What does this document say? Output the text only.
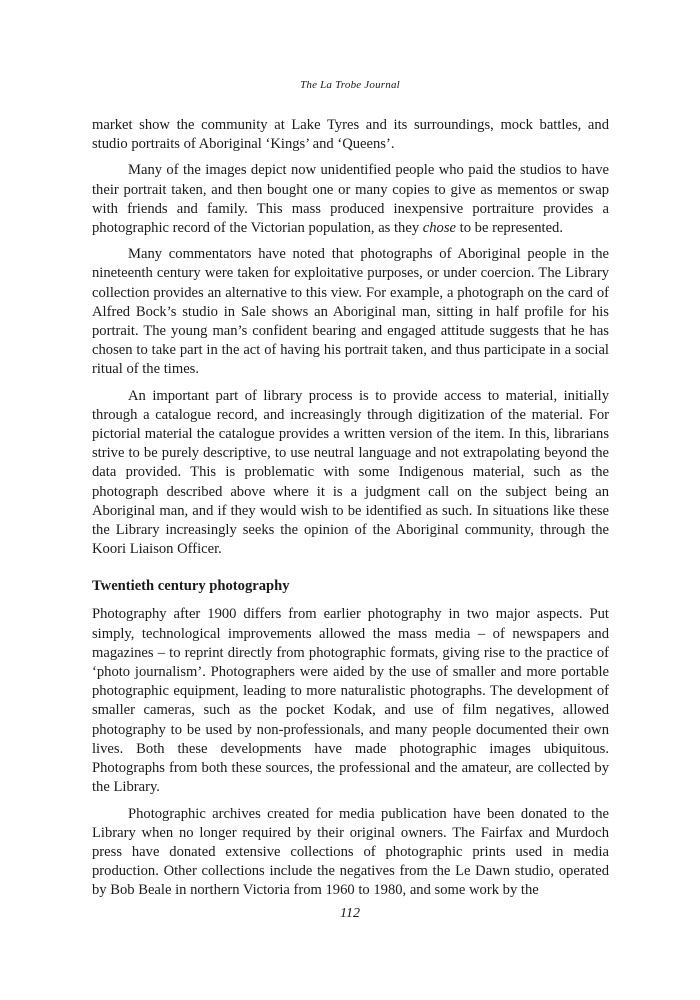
The La Trobe Journal

market show the community at Lake Tyres and its surroundings, mock battles, and studio portraits of Aboriginal ‘Kings’ and ‘Queens’.

Many of the images depict now unidentified people who paid the studios to have their portrait taken, and then bought one or many copies to give as mementos or swap with friends and family. This mass produced inexpensive portraiture provides a photographic record of the Victorian population, as they chose to be represented.

Many commentators have noted that photographs of Aboriginal people in the nineteenth century were taken for exploitative purposes, or under coercion. The Library collection provides an alternative to this view. For example, a photograph on the card of Alfred Bock’s studio in Sale shows an Aboriginal man, sitting in half profile for his portrait. The young man’s confident bearing and engaged attitude suggests that he has chosen to take part in the act of having his portrait taken, and thus participate in a social ritual of the times.

An important part of library process is to provide access to material, initially through a catalogue record, and increasingly through digitization of the material. For pictorial material the catalogue provides a written version of the item. In this, librarians strive to be purely descriptive, to use neutral language and not extrapolating beyond the data provided. This is problematic with some Indigenous material, such as the photograph described above where it is a judgment call on the subject being an Aboriginal man, and if they would wish to be identified as such. In situations like these the Library increasingly seeks the opinion of the Aboriginal community, through the Koori Liaison Officer.

Twentieth century photography

Photography after 1900 differs from earlier photography in two major aspects. Put simply, technological improvements allowed the mass media – of newspapers and magazines – to reprint directly from photographic formats, giving rise to the practice of ‘photo journalism’. Photographers were aided by the use of smaller and more portable photographic equipment, leading to more naturalistic photographs. The development of smaller cameras, such as the pocket Kodak, and use of film negatives, allowed photography to be used by non-professionals, and many people documented their own lives. Both these developments have made photographic images ubiquitous. Photographs from both these sources, the professional and the amateur, are collected by the Library.

Photographic archives created for media publication have been donated to the Library when no longer required by their original owners. The Fairfax and Murdoch press have donated extensive collections of photographic prints used in media production. Other collections include the negatives from the Le Dawn studio, operated by Bob Beale in northern Victoria from 1960 to 1980, and some work by the

112
